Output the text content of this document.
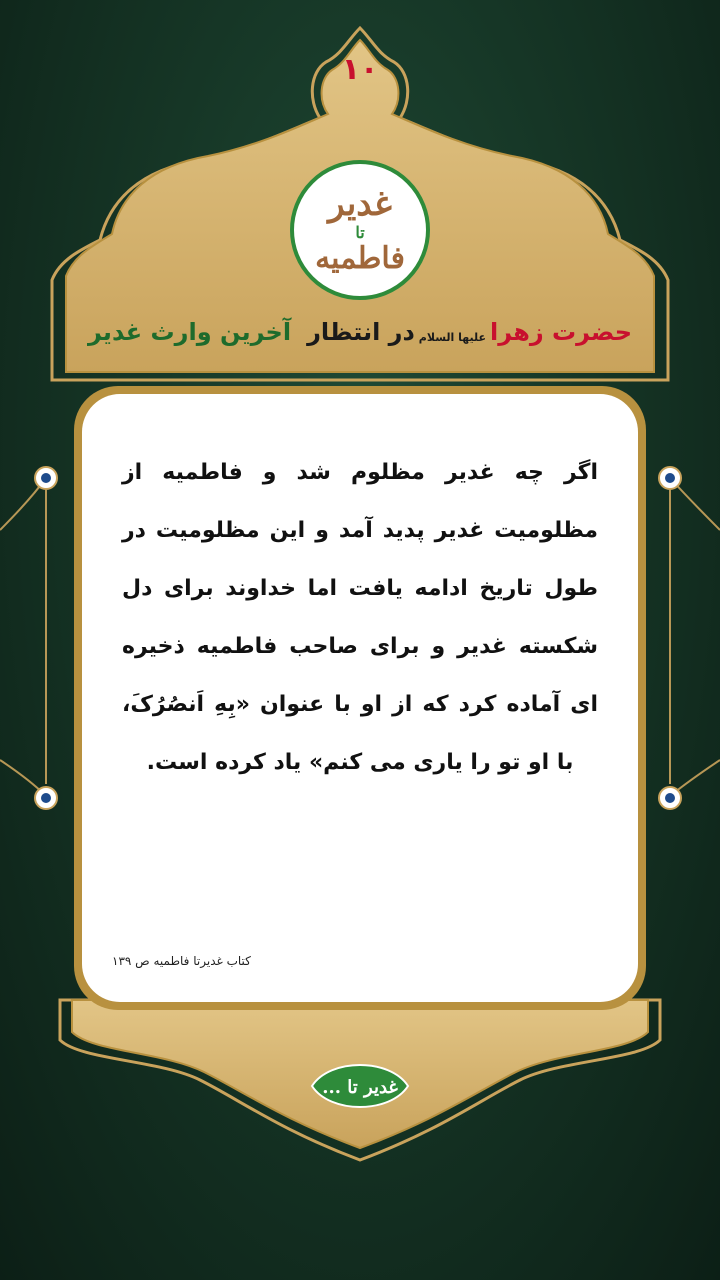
۱۰
غدیر
تا
فاطمیه
حضرت زهرا
علیها السلام
در انتظار
آخرین وارث غدیر
اگر چه غدیر مظلوم شد و فاطمیه از مظلومیت غدیر پدید آمد و این مظلومیت در طول تاریخ ادامه یافت اما خداوند برای دل شکسته غدیر و برای صاحب فاطمیه ذخیره ای آماده کرد که از او با عنوان «بِهِ اَنصُرُکَ، با او تو را یاری می کنم» یاد کرده است.
کتاب غدیرتا فاطمیه ص ۱۳۹
غدیر تا ...
